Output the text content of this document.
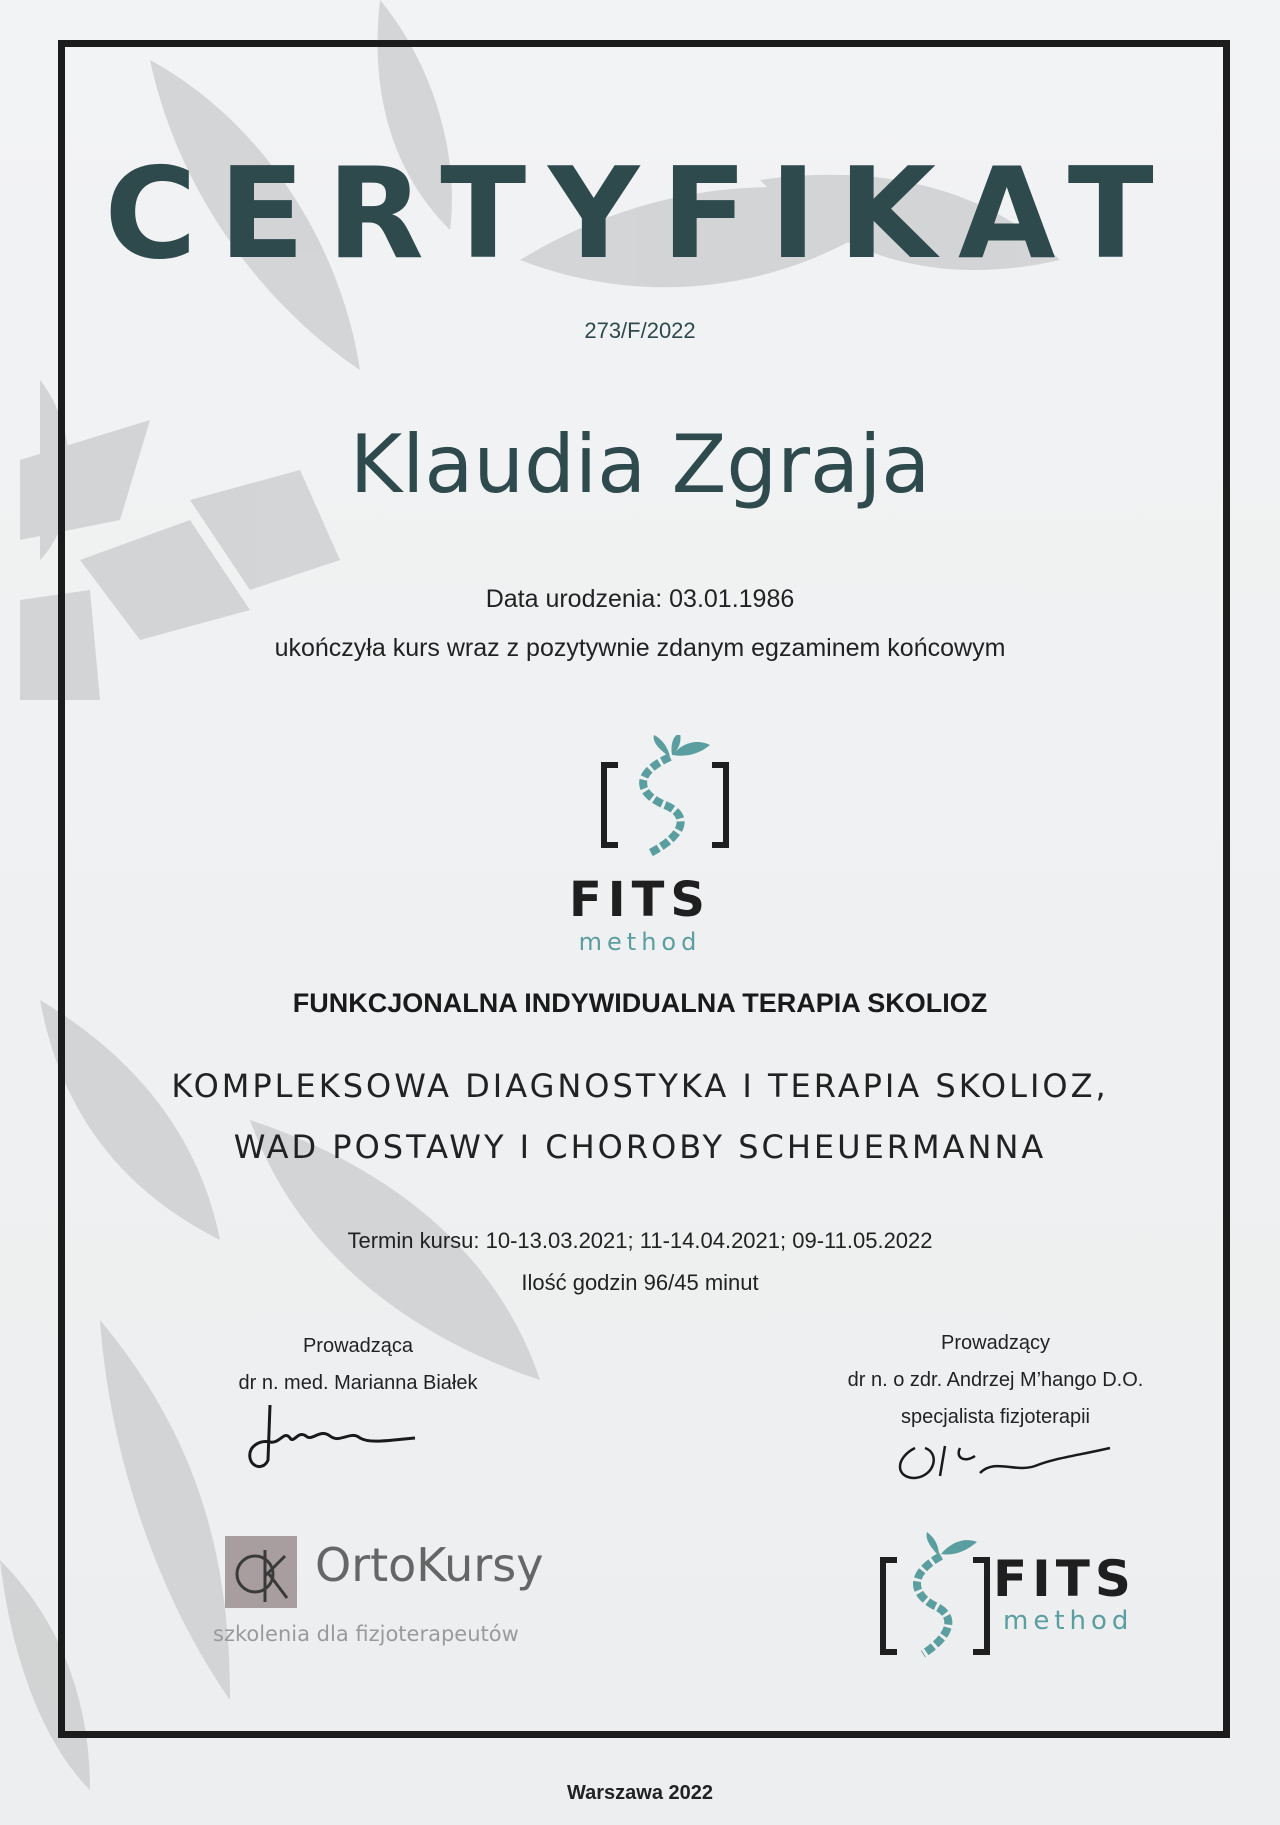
CERTYFIKAT
273/F/2022
Klaudia Zgraja
Data urodzenia: 03.01.1986
ukończyła kurs wraz z pozytywnie zdanym egzaminem końcowym
FITS
method
FUNKCJONALNA INDYWIDUALNA TERAPIA SKOLIOZ
KOMPLEKSOWA DIAGNOSTYKA I TERAPIA SKOLIOZ,
WAD POSTAWY I CHOROBY SCHEUERMANNA
Termin kursu: 10-13.03.2021; 11-14.04.2021; 09-11.05.2022
Ilość godzin 96/45 minut
Prowadząca
dr n. med. Marianna Białek
Prowadzący
dr n. o zdr. Andrzej M’hango D.O.
specjalista fizjoterapii
OrtoKursy
szkolenia dla fizjoterapeutów
FITS
method
Warszawa 2022
